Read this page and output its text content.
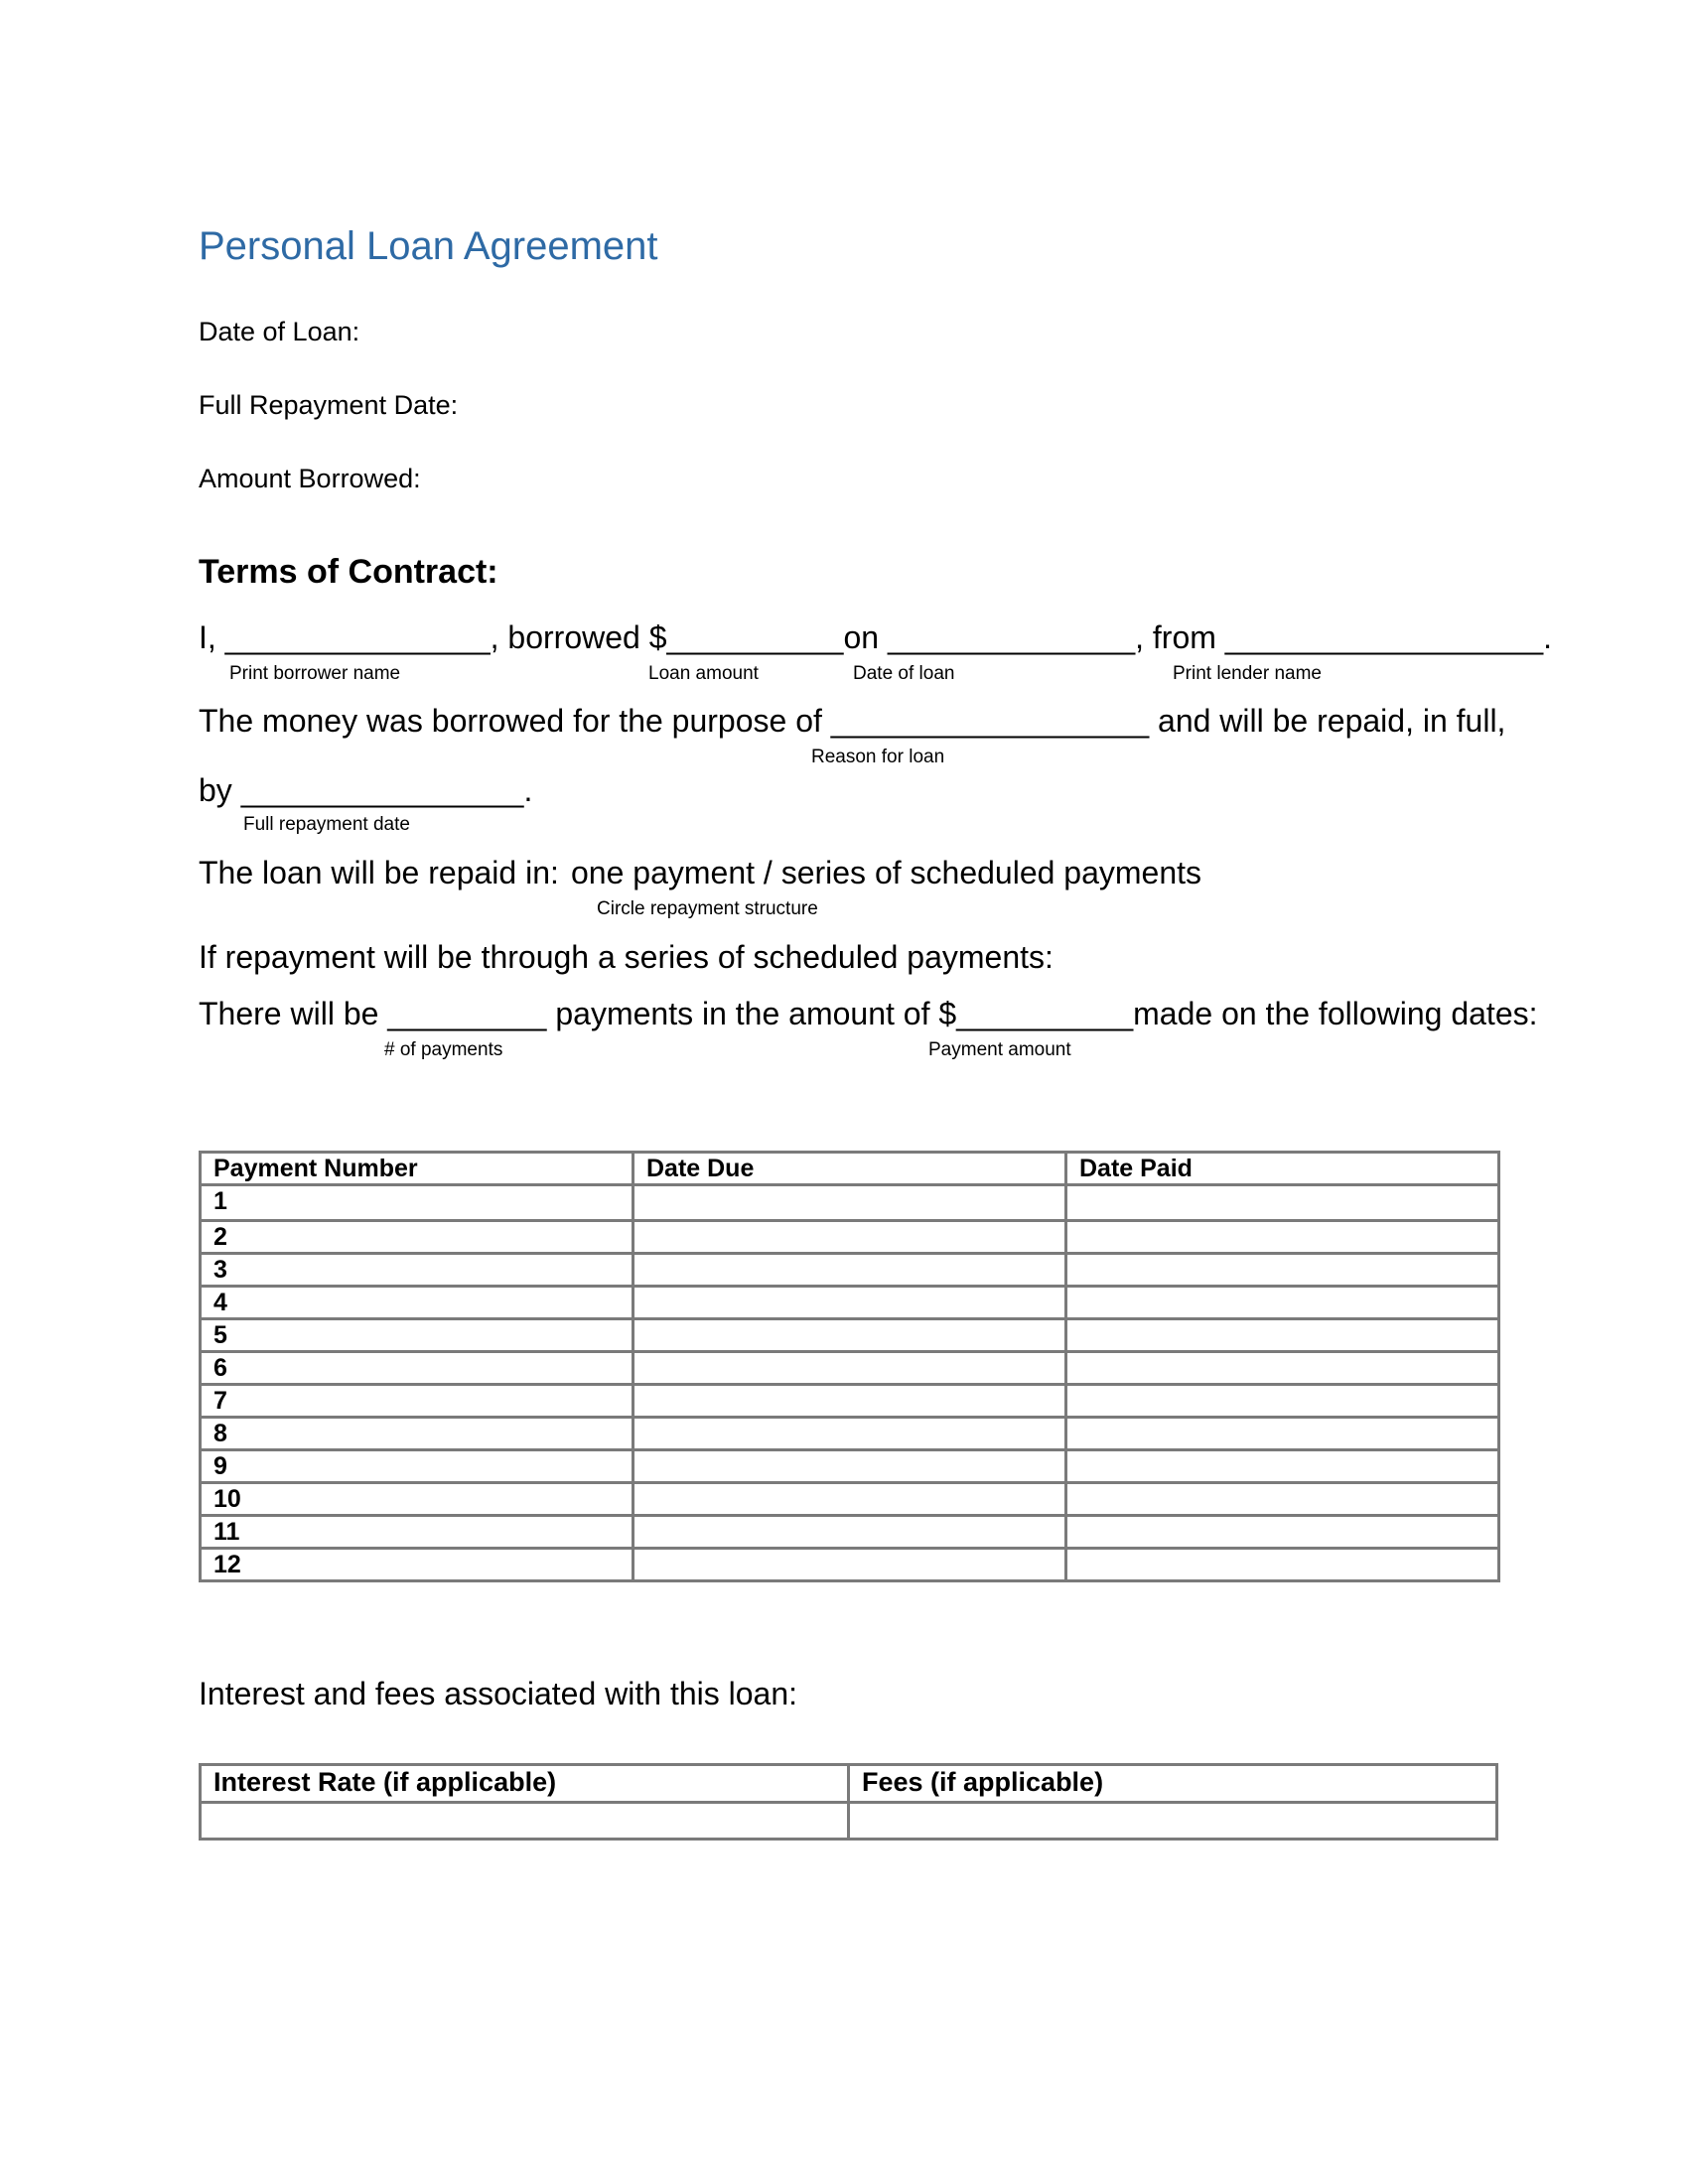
Personal Loan Agreement
Date of Loan:
Full Repayment Date:
Amount Borrowed:
Terms of Contract:
I, _______________, borrowed $__________on ______________, from __________________.
Print borrower name	Loan amount	Date of loan	Print lender name
The money was borrowed for the purpose of __________________ and will be repaid, in full,
Reason for loan
by ________________.
Full repayment date
The loan will be repaid in: one payment / series of scheduled payments
Circle repayment structure
If repayment will be through a series of scheduled payments:
There will be _________ payments in the amount of $__________made on the following dates:
# of payments	Payment amount
Payment Number	Date Due	Date Paid
1		
2		
3		
4		
5		
6		
7		
8		
9		
10		
11		
12		
Interest and fees associated with this loan:
Interest Rate (if applicable)	Fees (if applicable)
